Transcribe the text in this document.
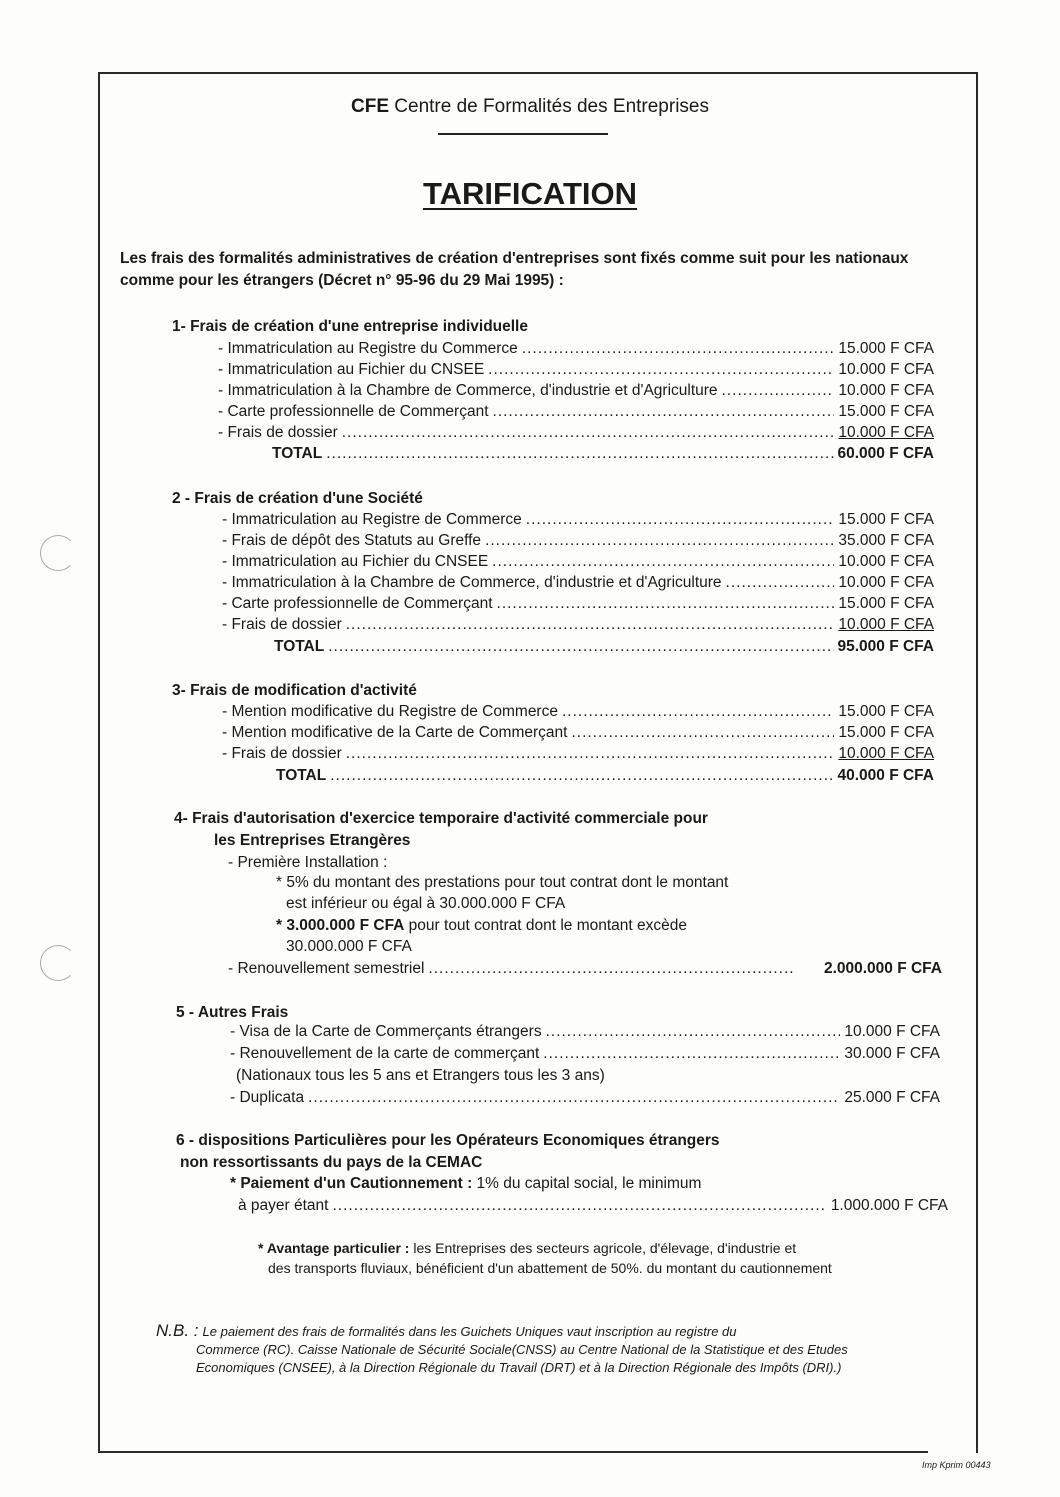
CFE Centre de Formalités des Entreprises
TARIFICATION
Les frais des formalités administratives de création d'entreprises sont fixés comme suit pour les nationaux comme pour les étrangers (Décret n° 95-96 du 29 Mai 1995) :
1- Frais de création d'une entreprise individuelle
- Immatriculation au Registre du Commerce .....	15.000 F CFA
- Immatriculation au Fichier du CNSEE .....	10.000 F CFA
- Immatriculation à la Chambre de Commerce, d'industrie et d'Agriculture .....	10.000 F CFA
- Carte professionnelle de Commerçant .....	15.000 F CFA
- Frais de dossier .....	10.000 F CFA
TOTAL .....	60.000 F CFA
2 - Frais de création d'une Société
- Immatriculation au Registre de Commerce .....	15.000 F CFA
- Frais de dépôt des Statuts au Greffe .....	35.000 F CFA
- Immatriculation au Fichier du CNSEE .....	10.000 F CFA
- Immatriculation à la Chambre de Commerce, d'industrie et d'Agriculture .....	10.000 F CFA
- Carte professionnelle de Commerçant .....	15.000 F CFA
- Frais de dossier .....	10.000 F CFA
TOTAL .....	95.000 F CFA
3- Frais de modification d'activité
- Mention modificative du Registre de Commerce .....	15.000 F CFA
- Mention modificative de la Carte de Commerçant .....	15.000 F CFA
- Frais de dossier .....	10.000 F CFA
TOTAL .....	40.000 F CFA
4- Frais d'autorisation d'exercice temporaire d'activité commerciale pour
les Entreprises Etrangères
- Première Installation :
* 5% du montant des prestations pour tout contrat dont le montant
est inférieur ou égal à 30.000.000 F CFA
* 3.000.000 F CFA pour tout contrat dont le montant excède
30.000.000 F CFA
- Renouvellement semestriel .....	2.000.000 F CFA
5 - Autres Frais
- Visa de la Carte de Commerçants étrangers .....	10.000 F CFA
- Renouvellement de la carte de commerçant .....	30.000 F CFA
(Nationaux tous les 5 ans et Etrangers tous les 3 ans)
- Duplicata .....	25.000 F CFA
6 - dispositions Particulières pour les Opérateurs Economiques étrangers
non ressortissants du pays de la CEMAC
* Paiement d'un Cautionnement : 1% du capital social, le minimum
à payer étant .....	1.000.000 F CFA
* Avantage particulier : les Entreprises des secteurs agricole, d'élevage, d'industrie et
des transports fluviaux, bénéficient d'un abattement de 50%. du montant du cautionnement
N.B. : Le paiement des frais de formalités dans les Guichets Uniques vaut inscription au registre du
Commerce (RC). Caisse Nationale de Sécurité Sociale(CNSS) au Centre National de la Statistique et des Etudes
Economiques (CNSEE), à la Direction Régionale du Travail (DRT) et à la Direction Régionale des Impôts (DRI).)
Imp Kprim 00443
